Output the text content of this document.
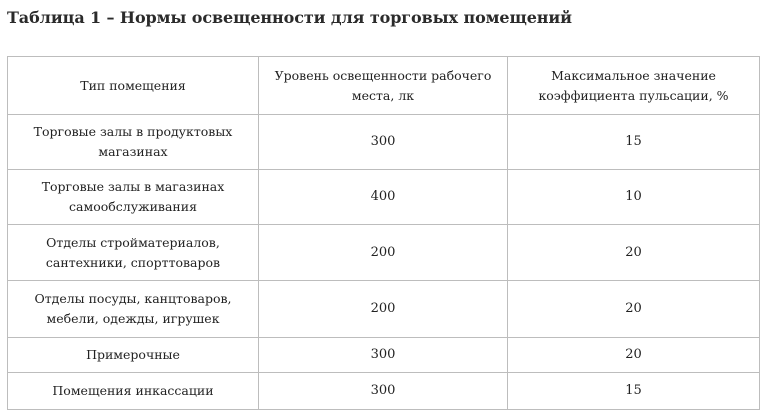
Таблица 1 – Нормы освещенности для торговых помещений
Тип помещения	Уровень освещенности рабочего места, лк	Максимальное значение коэффициента пульсации, %
Торговые залы в продуктовых магазинах	300	15
Торговые залы в магазинах самообслуживания	400	10
Отделы стройматериалов, сантехники, спорттоваров	200	20
Отделы посуды, канцтоваров, мебели, одежды, игрушек	200	20
Примерочные	300	20
Помещения инкассации	300	15
